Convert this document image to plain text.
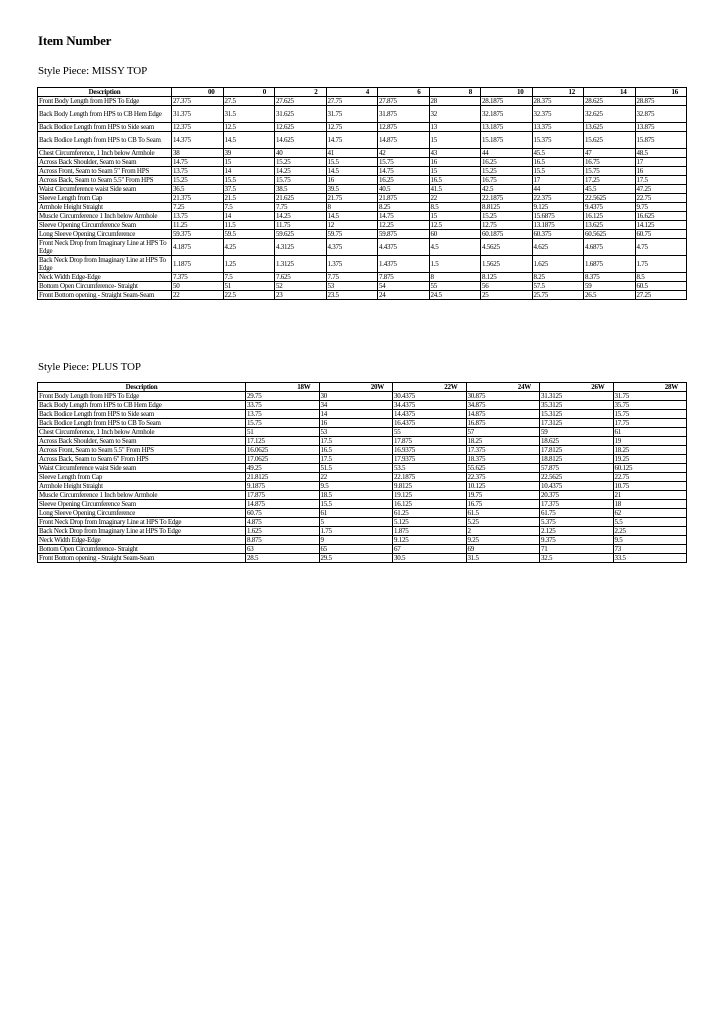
Item Number
Style Piece: MISSY TOP
Description	00	0	2	4	6	8	10	12	14	16
Front Body Length from HPS To Edge	27.375	27.5	27.625	27.75	27.875	28	28.1875	28.375	28.625	28.875
Back Body Length from HPS to CB Hem Edge	31.375	31.5	31.625	31.75	31.875	32	32.1875	32.375	32.625	32.875
Back Bodice Length from HPS to Side seam	12.375	12.5	12.625	12.75	12.875	13	13.1875	13.375	13.625	13.875
Back Bodice Length from HPS to CB To Seam	14.375	14.5	14.625	14.75	14.875	15	15.1875	15.375	15.625	15.875
Chest Circumference, 1 Inch below Armhole	38	39	40	41	42	43	44	45.5	47	48.5
Across Back Shoulder, Seam to Seam	14.75	15	15.25	15.5	15.75	16	16.25	16.5	16.75	17
Across Front, Seam to Seam 5" From HPS	13.75	14	14.25	14.5	14.75	15	15.25	15.5	15.75	16
Across Back, Seam to Seam 5.5" From HPS	15.25	15.5	15.75	16	16.25	16.5	16.75	17	17.25	17.5
Waist Circumference waist Side seam	36.5	37.5	38.5	39.5	40.5	41.5	42.5	44	45.5	47.25
Sleeve Length from Cap	21.375	21.5	21.625	21.75	21.875	22	22.1875	22.375	22.5625	22.75
Armhole Height Straight	7.25	7.5	7.75	8	8.25	8.5	8.8125	9.125	9.4375	9.75
Muscle Circumference 1 Inch below Armhole	13.75	14	14.25	14.5	14.75	15	15.25	15.6875	16.125	16.625
Sleeve Opening Circumference Seam	11.25	11.5	11.75	12	12.25	12.5	12.75	13.1875	13.625	14.125
Long Sleeve Opening Circumference	59.375	59.5	59.625	59.75	59.875	60	60.1875	60.375	60.5625	60.75
Front Neck Drop from Imaginary Line at HPS To Edge	4.1875	4.25	4.3125	4.375	4.4375	4.5	4.5625	4.625	4.6875	4.75
Back Neck Drop from Imaginary Line at HPS To Edge	1.1875	1.25	1.3125	1.375	1.4375	1.5	1.5625	1.625	1.6875	1.75
Neck Width Edge-Edge	7.375	7.5	7.625	7.75	7.875	8	8.125	8.25	8.375	8.5
Bottom Open Circumference- Straight	50	51	52	53	54	55	56	57.5	59	60.5
Front Bottom opening - Straight Seam-Seam	22	22.5	23	23.5	24	24.5	25	25.75	26.5	27.25
Style Piece: PLUS TOP
Description	18W	20W	22W	24W	26W	28W
Front Body Length from HPS To Edge	29.75	30	30.4375	30.875	31.3125	31.75
Back Body Length from HPS to CB Hem Edge	33.75	34	34.4375	34.875	35.3125	35.75
Back Bodice Length from HPS to Side seam	13.75	14	14.4375	14.875	15.3125	15.75
Back Bodice Length from HPS to CB To Seam	15.75	16	16.4375	16.875	17.3125	17.75
Chest Circumference, 1 Inch below Armhole	51	53	55	57	59	61
Across Back Shoulder, Seam to Seam	17.125	17.5	17.875	18.25	18.625	19
Across Front, Seam to Seam 5.5" From HPS	16.0625	16.5	16.9375	17.375	17.8125	18.25
Across Back, Seam to Seam 6" From HPS	17.0625	17.5	17.9375	18.375	18.8125	19.25
Waist Circumference waist Side seam	49.25	51.5	53.5	55.625	57.875	60.125
Sleeve Length from Cap	21.8125	22	22.1875	22.375	22.5625	22.75
Armhole Height Straight	9.1875	9.5	9.8125	10.125	10.4375	10.75
Muscle Circumference 1 Inch below Armhole	17.875	18.5	19.125	19.75	20.375	21
Sleeve Opening Circumference Seam	14.875	15.5	16.125	16.75	17.375	18
Long Sleeve Opening Circumference	60.75	61	61.25	61.5	61.75	62
Front Neck Drop from Imaginary Line at HPS To Edge	4.875	5	5.125	5.25	5.375	5.5
Back Neck Drop from Imaginary Line at HPS To Edge	1.625	1.75	1.875	2	2.125	2.25
Neck Width Edge-Edge	8.875	9	9.125	9.25	9.375	9.5
Bottom Open Circumference- Straight	63	65	67	69	71	73
Front Bottom opening - Straight Seam-Seam	28.5	29.5	30.5	31.5	32.5	33.5
